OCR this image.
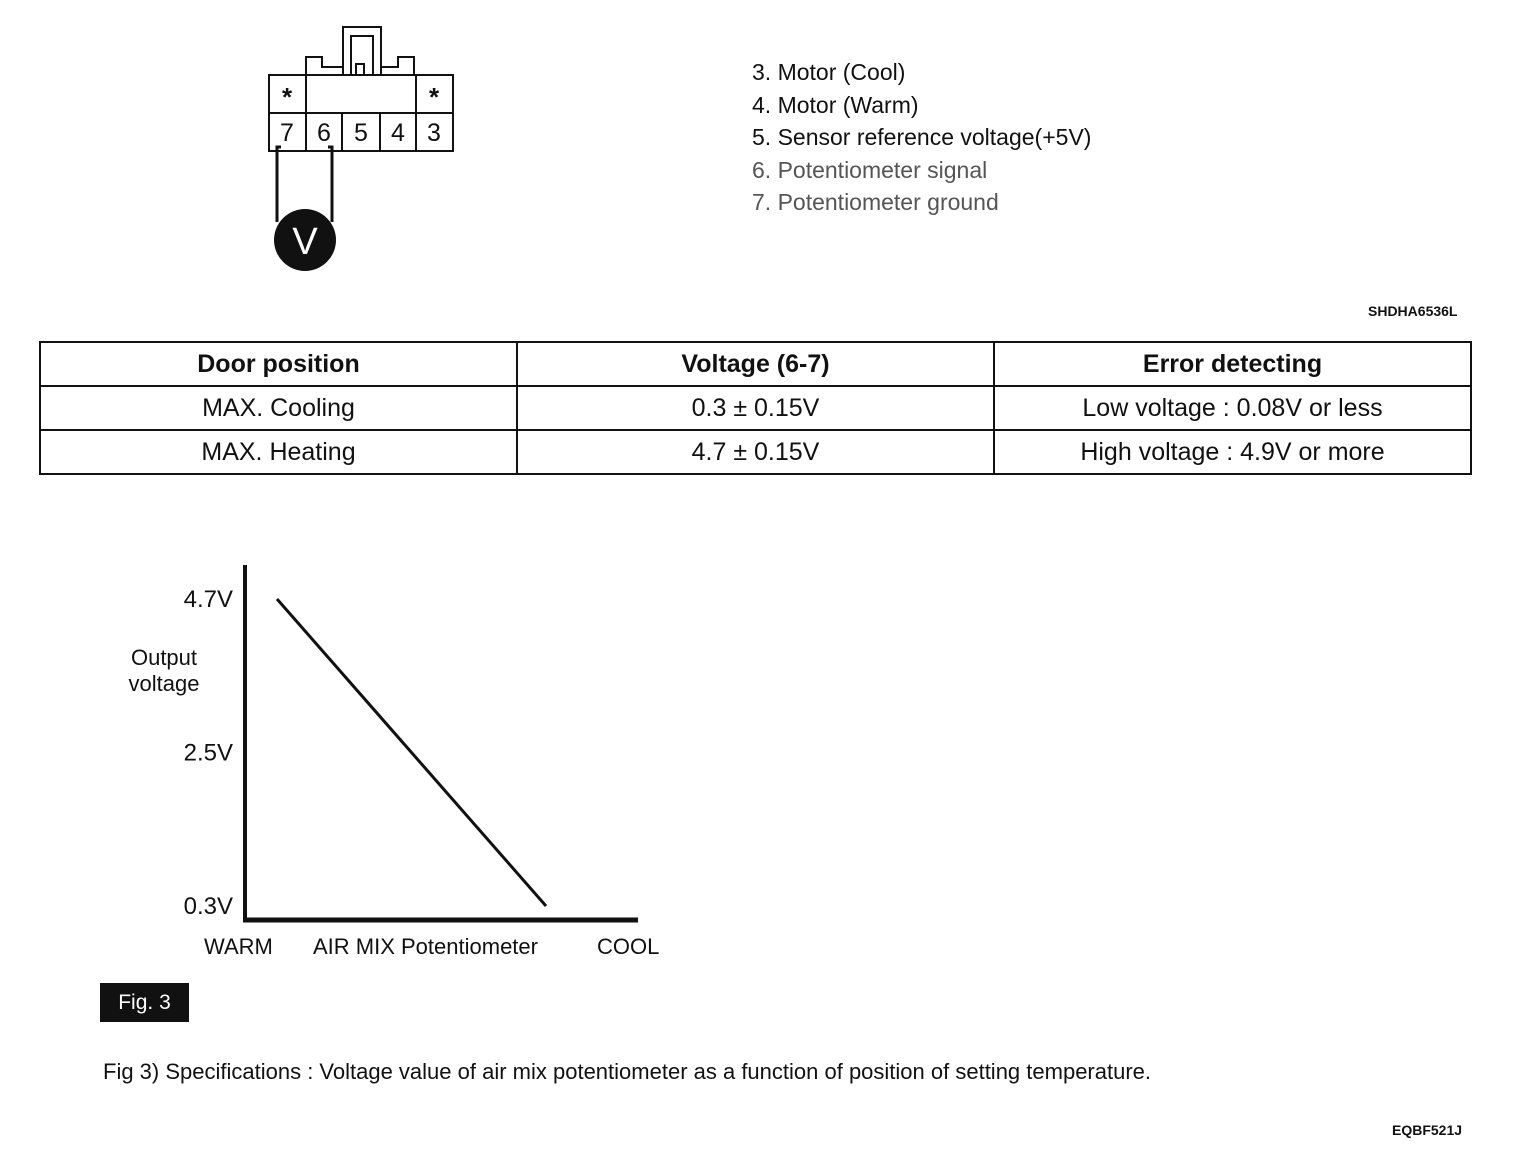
V
7 6 5 4 3
*	*
3. Motor (Cool)
4. Motor (Warm)
5. Sensor reference voltage(+5V)
6. Potentiometer signal
7. Potentiometer ground
SHDHA6536L
Door position	Voltage (6-7)	Error detecting
MAX. Cooling	0.3 ± 0.15V	Low voltage : 0.08V or less
MAX. Heating	4.7 ± 0.15V	High voltage : 4.9V or more
4.7V
2.5V
0.3V
Output
voltage
WARM AIR MIX Potentiometer	COOL
Fig. 3
Fig 3) Specifications : Voltage value of air mix potentiometer as a function of position of setting temperature.
EQBF521J
